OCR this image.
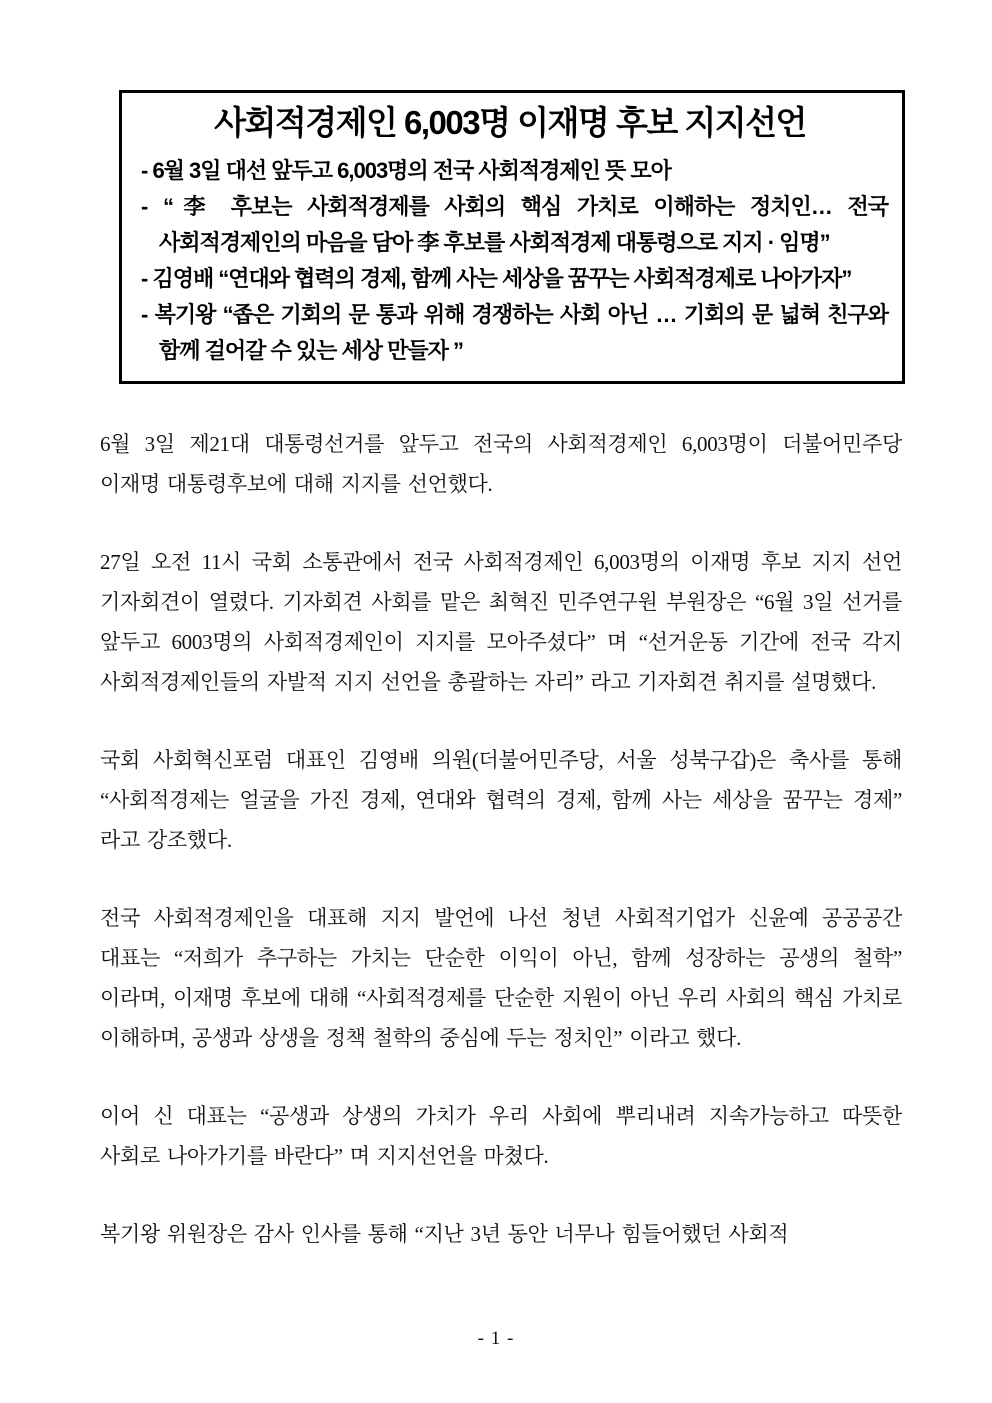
사회적경제인 6,003명 이재명 후보 지지선언

- 6월 3일 대선 앞두고 6,003명의 전국 사회적경제인 뜻 모아

- “李 후보는 사회적경제를 사회의 핵심 가치로 이해하는 정치인… 전국 사회적경제인의 마음을 담아 李 후보를 사회적경제 대통령으로 지지 · 임명”

- 김영배 “연대와 협력의 경제, 함께 사는 세상을 꿈꾸는 사회적경제로 나아가자”

- 복기왕 “좁은 기회의 문 통과 위해 경쟁하는 사회 아닌 … 기회의 문 넓혀 친구와 함께 걸어갈 수 있는 세상 만들자 ”

6월 3일 제21대 대통령선거를 앞두고 전국의 사회적경제인 6,003명이 더불어민주당 이재명 대통령후보에 대해 지지를 선언했다.

27일 오전 11시 국회 소통관에서 전국 사회적경제인 6,003명의 이재명 후보 지지 선언 기자회견이 열렸다. 기자회견 사회를 맡은 최혁진 민주연구원 부원장은 “6월 3일 선거를 앞두고 6003명의 사회적경제인이 지지를 모아주셨다” 며 “선거운동 기간에 전국 각지 사회적경제인들의 자발적 지지 선언을 총괄하는 자리” 라고 기자회견 취지를 설명했다.

국회 사회혁신포럼 대표인 김영배 의원(더불어민주당, 서울 성북구갑)은 축사를 통해 “사회적경제는 얼굴을 가진 경제, 연대와 협력의 경제, 함께 사는 세상을 꿈꾸는 경제” 라고 강조했다.

전국 사회적경제인을 대표해 지지 발언에 나선 청년 사회적기업가 신윤예 공공공간 대표는 “저희가 추구하는 가치는 단순한 이익이 아닌, 함께 성장하는 공생의 철학” 이라며, 이재명 후보에 대해 “사회적경제를 단순한 지원이 아닌 우리 사회의 핵심 가치로 이해하며, 공생과 상생을 정책 철학의 중심에 두는 정치인” 이라고 했다.

이어 신 대표는 “공생과 상생의 가치가 우리 사회에 뿌리내려 지속가능하고 따뜻한 사회로 나아가기를 바란다” 며 지지선언을 마쳤다.

복기왕 위원장은 감사 인사를 통해 “지난 3년 동안 너무나 힘들어했던 사회적

- 1 -
